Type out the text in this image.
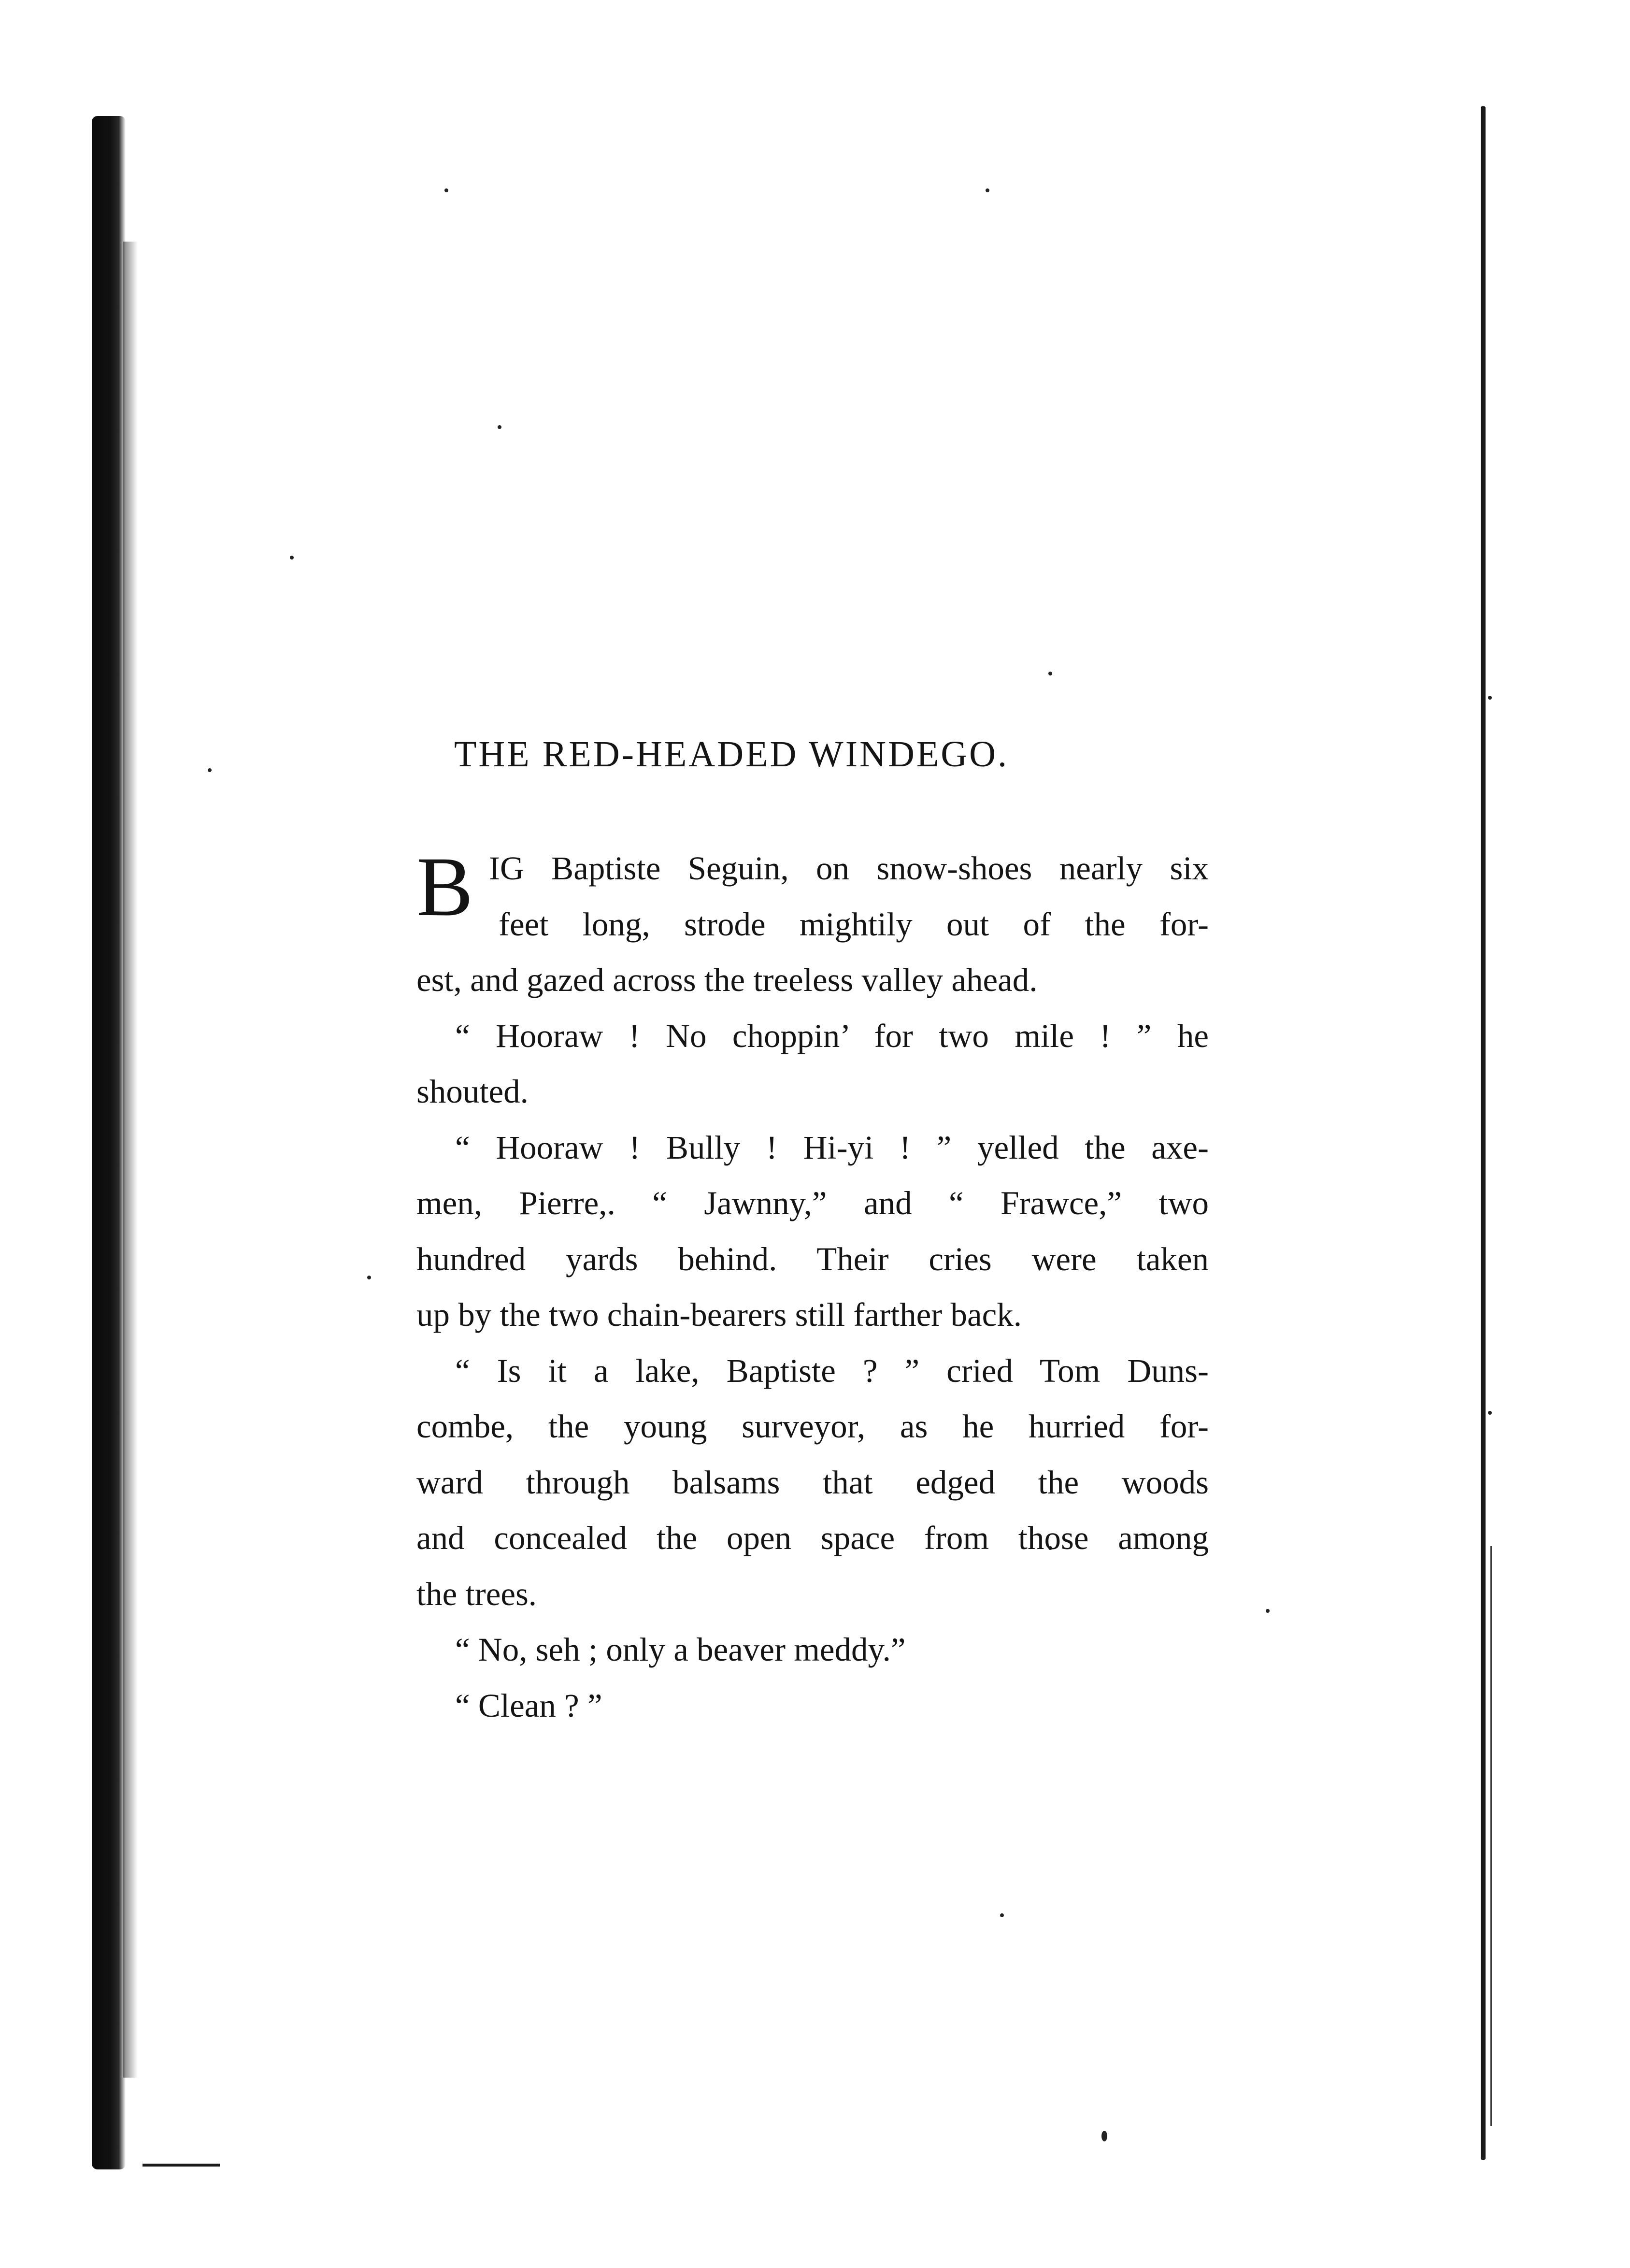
THE RED-HEADED WINDEGO.
B IG Baptiste Seguin, on snow-shoes nearly six
feet long, strode mightily out of the for-
est, and gazed across the treeless valley ahead.
“ Hooraw ! No choppin’ for two mile ! ” he
shouted.
“ Hooraw ! Bully ! Hi-yi ! ” yelled the axe-
men, Pierre,. “ Jawnny,” and “ Frawce,” two
hundred yards behind. Their cries were taken
up by the two chain-bearers still farther back.
“ Is it a lake, Baptiste ? ” cried Tom Duns-
combe, the young surveyor, as he hurried for-
ward through balsams that edged the woods
and concealed the open space from those among
the trees.
“ No, seh ; only a beaver meddy.”
“ Clean ? ”
